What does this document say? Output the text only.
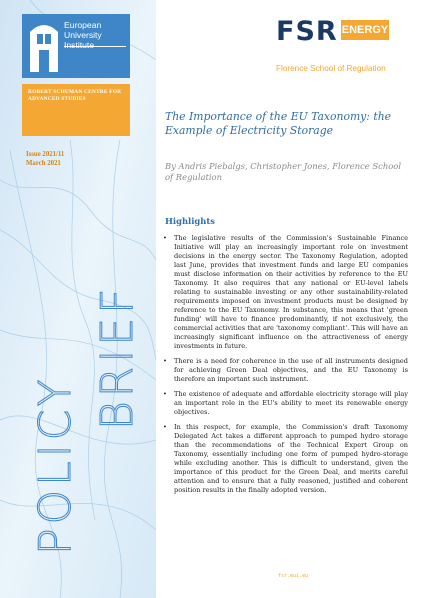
European University Institute
ROBERT SCHUMAN CENTRE FOR ADVANCED STUDIES
Issue 2021/11
March 2021
POLICY
BRIEF
FSR ENERGY
Florence School of Regulation
The Importance of the EU Taxonomy: the Example of Electricity Storage
By Andris Piebalgs, Christopher Jones, Florence School of Regulation
Highlights
• The legislative results of the Commission's Sustainable Finance Initiative will play an increasingly important role on investment decisions in the energy sector. The Taxonomy Regulation, adopted last June, provides that investment funds and large EU companies must disclose information on their activities by reference to the EU Taxonomy. It also requires that any national or EU-level labels relating to sustainable investing or any other sustainability-related requirements imposed on investment products must be designed by reference to the EU Taxonomy. In substance, this means that 'green funding' will have to finance predominantly, if not exclusively, the commercial activities that are 'taxonomy compliant'. This will have an increasingly significant influence on the attractiveness of energy investments in future.
• There is a need for coherence in the use of all instruments designed for achieving Green Deal objectives, and the EU Taxonomy is therefore an important such instrument.
• The existence of adequate and affordable electricity storage will play an important role in the EU's ability to meet its renewable energy objectives.
• In this respect, for example, the Commission's draft Taxonomy Delegated Act takes a different approach to pumped hydro storage than the recommendations of the Technical Expert Group on Taxonomy, essentially including one form of pumped hydro-storage while excluding another. This is difficult to understand, given the importance of this product for the Green Deal, and merits careful attention and to ensure that a fully reasoned, justified and coherent position results in the finally adopted version.
fsr.eui.eu
